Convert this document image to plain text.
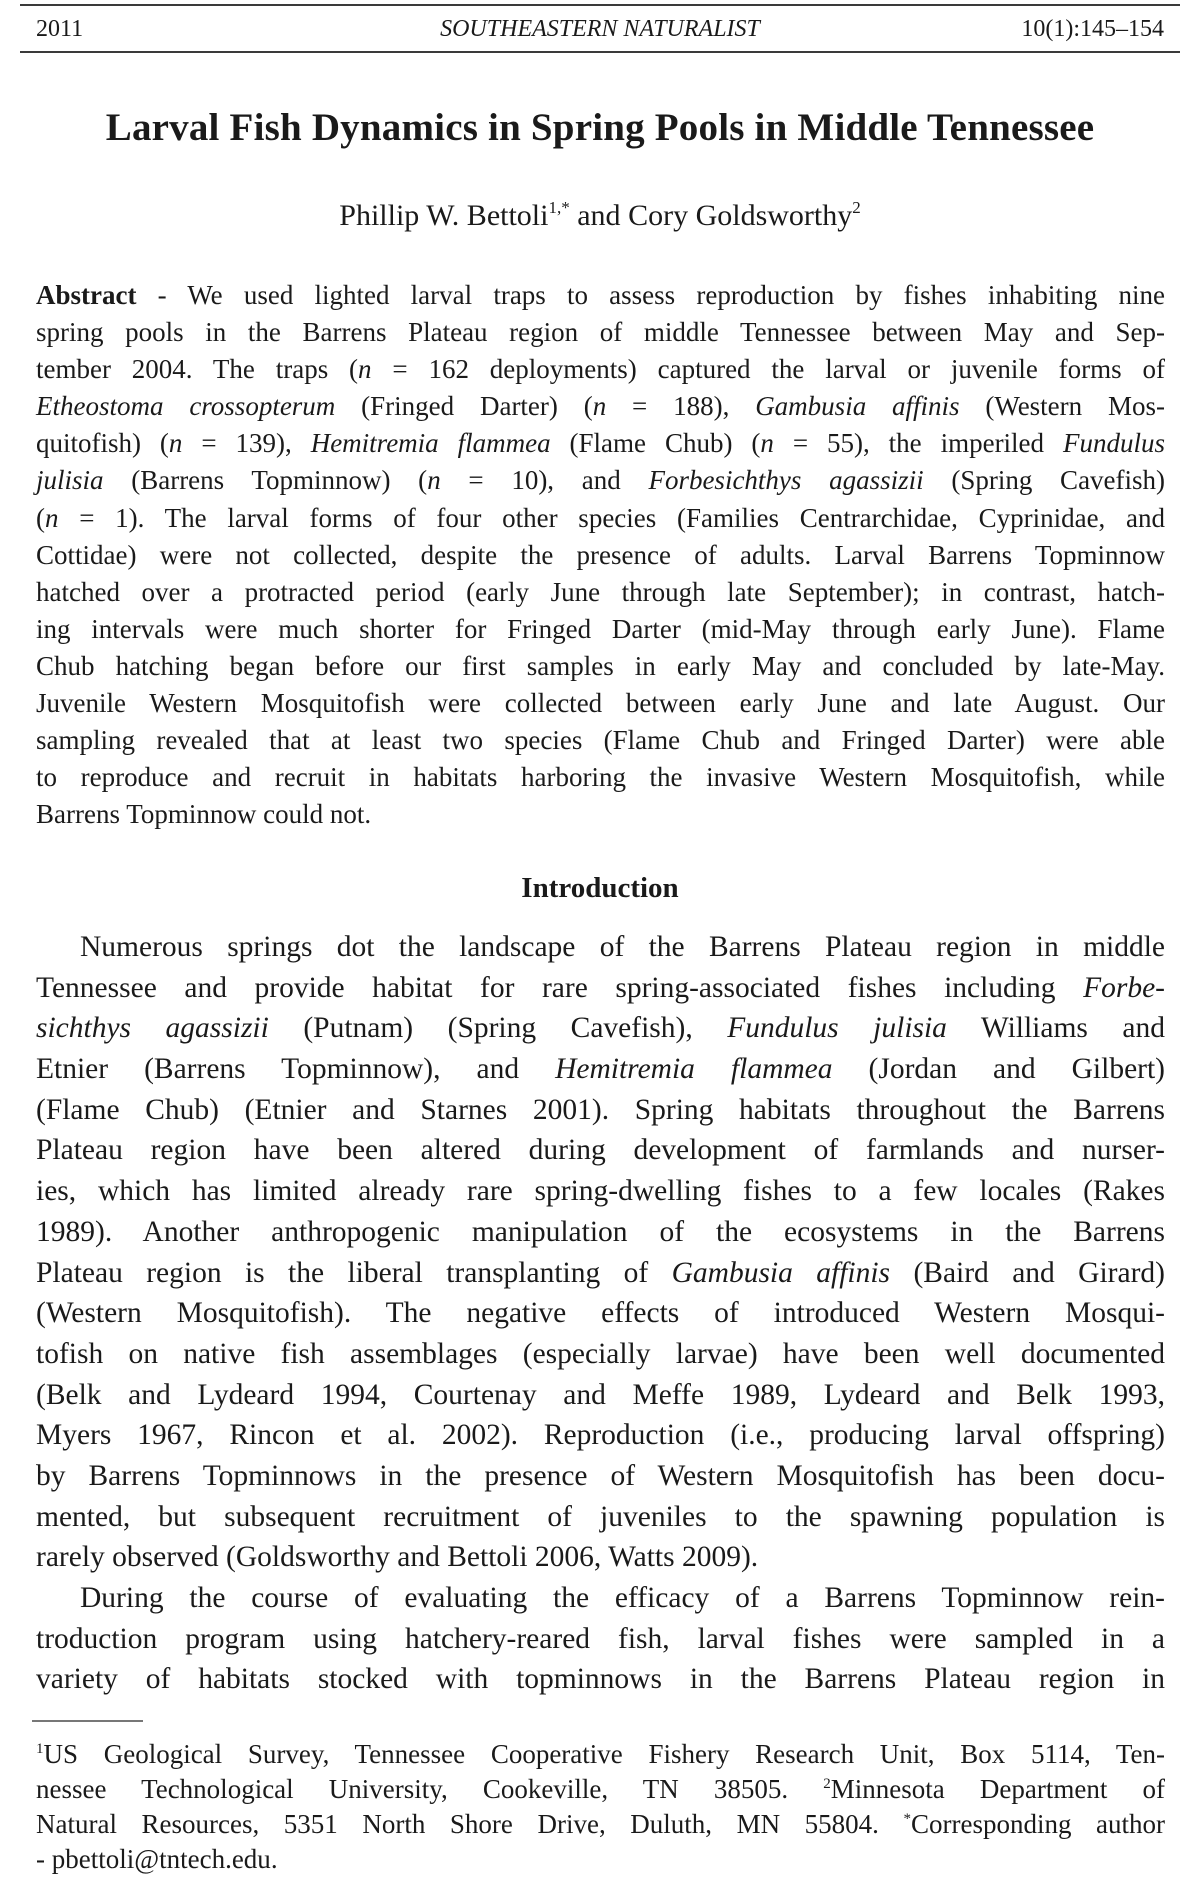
2011	SOUTHEASTERN NATURALIST	10(1):145–154
Larval Fish Dynamics in Spring Pools in Middle Tennessee
Phillip W. Bettoli$^{1,*}$ and Cory Goldsworthy$^2$
Abstract - We used lighted larval traps to assess reproduction by fishes inhabiting nine
spring pools in the Barrens Plateau region of middle Tennessee between May and Sep-
tember 2004. The traps (n = 162 deployments) captured the larval or juvenile forms of
Etheostoma crossopterum (Fringed Darter) (n = 188), Gambusia affinis (Western Mos-
quitofish) (n = 139), Hemitremia flammea (Flame Chub) (n = 55), the imperiled Fundulus
julisia (Barrens Topminnow) (n = 10), and Forbesichthys agassizii (Spring Cavefish)
(n = 1). The larval forms of four other species (Families Centrarchidae, Cyprinidae, and
Cottidae) were not collected, despite the presence of adults. Larval Barrens Topminnow
hatched over a protracted period (early June through late September); in contrast, hatch-
ing intervals were much shorter for Fringed Darter (mid-May through early June). Flame
Chub hatching began before our first samples in early May and concluded by late-May.
Juvenile Western Mosquitofish were collected between early June and late August. Our
sampling revealed that at least two species (Flame Chub and Fringed Darter) were able
to reproduce and recruit in habitats harboring the invasive Western Mosquitofish, while
Barrens Topminnow could not.
Introduction
Numerous springs dot the landscape of the Barrens Plateau region in middle
Tennessee and provide habitat for rare spring-associated fishes including Forbe-
sichthys agassizii (Putnam) (Spring Cavefish), Fundulus julisia Williams and
Etnier (Barrens Topminnow), and Hemitremia flammea (Jordan and Gilbert)
(Flame Chub) (Etnier and Starnes 2001). Spring habitats throughout the Barrens
Plateau region have been altered during development of farmlands and nurser-
ies, which has limited already rare spring-dwelling fishes to a few locales (Rakes
1989). Another anthropogenic manipulation of the ecosystems in the Barrens
Plateau region is the liberal transplanting of Gambusia affinis (Baird and Girard)
(Western Mosquitofish). The negative effects of introduced Western Mosqui-
tofish on native fish assemblages (especially larvae) have been well documented
(Belk and Lydeard 1994, Courtenay and Meffe 1989, Lydeard and Belk 1993,
Myers 1967, Rincon et al. 2002). Reproduction (i.e., producing larval offspring)
by Barrens Topminnows in the presence of Western Mosquitofish has been docu-
mented, but subsequent recruitment of juveniles to the spawning population is
rarely observed (Goldsworthy and Bettoli 2006, Watts 2009).
During the course of evaluating the efficacy of a Barrens Topminnow rein-
troduction program using hatchery-reared fish, larval fishes were sampled in a
variety of habitats stocked with topminnows in the Barrens Plateau region in
$^1$US Geological Survey, Tennessee Cooperative Fishery Research Unit, Box 5114, Ten-
nessee Technological University, Cookeville, TN 38505. $^2$Minnesota Department of
Natural Resources, 5351 North Shore Drive, Duluth, MN 55804. *Corresponding author
- pbettoli@tntech.edu.
